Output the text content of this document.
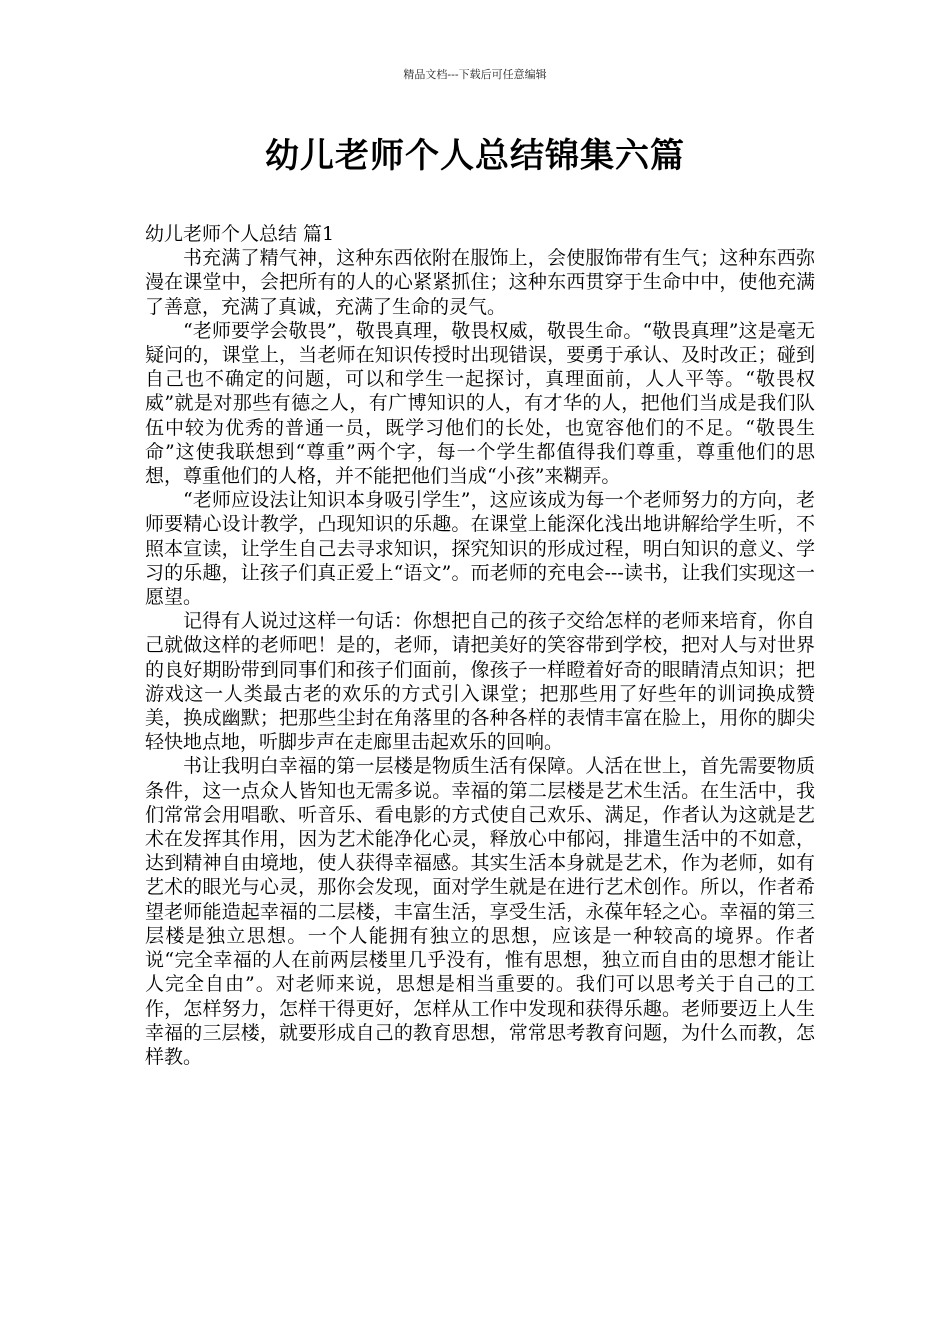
精品文档---下载后可任意编辑
幼儿老师个人总结锦集六篇

幼儿老师个人总结 篇1

书充满了精气神，这种东西依附在服饰上，会使服饰带有生气；这种东西弥漫在课堂中，会把所有的人的心紧紧抓住；这种东西贯穿于生命中中，使他充满了善意，充满了真诚，充满了生命的灵气。

“老师要学会敬畏”，敬畏真理，敬畏权威，敬畏生命。“敬畏真理”这是毫无疑问的，课堂上，当老师在知识传授时出现错误，要勇于承认、及时改正；碰到自己也不确定的问题，可以和学生一起探讨，真理面前，人人平等。“敬畏权威”就是对那些有德之人，有广博知识的人，有才华的人，把他们当成是我们队伍中较为优秀的普通一员，既学习他们的长处，也宽容他们的不足。“敬畏生命”这使我联想到“尊重”两个字，每一个学生都值得我们尊重，尊重他们的思想，尊重他们的人格，并不能把他们当成“小孩”来糊弄。

“老师应设法让知识本身吸引学生”，这应该成为每一个老师努力的方向，老师要精心设计教学，凸现知识的乐趣。在课堂上能深化浅出地讲解给学生听，不照本宣读，让学生自己去寻求知识，探究知识的形成过程，明白知识的意义、学习的乐趣，让孩子们真正爱上“语文”。而老师的充电会---读书，让我们实现这一愿望。

记得有人说过这样一句话：你想把自己的孩子交给怎样的老师来培育，你自己就做这样的老师吧！是的，老师，请把美好的笑容带到学校，把对人与对世界的良好期盼带到同事们和孩子们面前，像孩子一样瞪着好奇的眼睛清点知识；把游戏这一人类最古老的欢乐的方式引入课堂；把那些用了好些年的训词换成赞美，换成幽默；把那些尘封在角落里的各种各样的表情丰富在脸上，用你的脚尖轻快地点地，听脚步声在走廊里击起欢乐的回响。

书让我明白幸福的第一层楼是物质生活有保障。人活在世上，首先需要物质条件，这一点众人皆知也无需多说。幸福的第二层楼是艺术生活。在生活中，我们常常会用唱歌、听音乐、看电影的方式使自己欢乐、满足，作者认为这就是艺术在发挥其作用，因为艺术能净化心灵，释放心中郁闷，排遣生活中的不如意，达到精神自由境地，使人获得幸福感。其实生活本身就是艺术，作为老师，如有艺术的眼光与心灵，那你会发现，面对学生就是在进行艺术创作。所以，作者希望老师能造起幸福的二层楼，丰富生活，享受生活，永葆年轻之心。幸福的第三层楼是独立思想。一个人能拥有独立的思想，应该是一种较高的境界。作者说“完全幸福的人在前两层楼里几乎没有，惟有思想，独立而自由的思想才能让人完全自由”。对老师来说，思想是相当重要的。我们可以思考关于自己的工作，怎样努力，怎样干得更好，怎样从工作中发现和获得乐趣。老师要迈上人生幸福的三层楼，就要形成自己的教育思想，常常思考教育问题，为什么而教，怎样教。
